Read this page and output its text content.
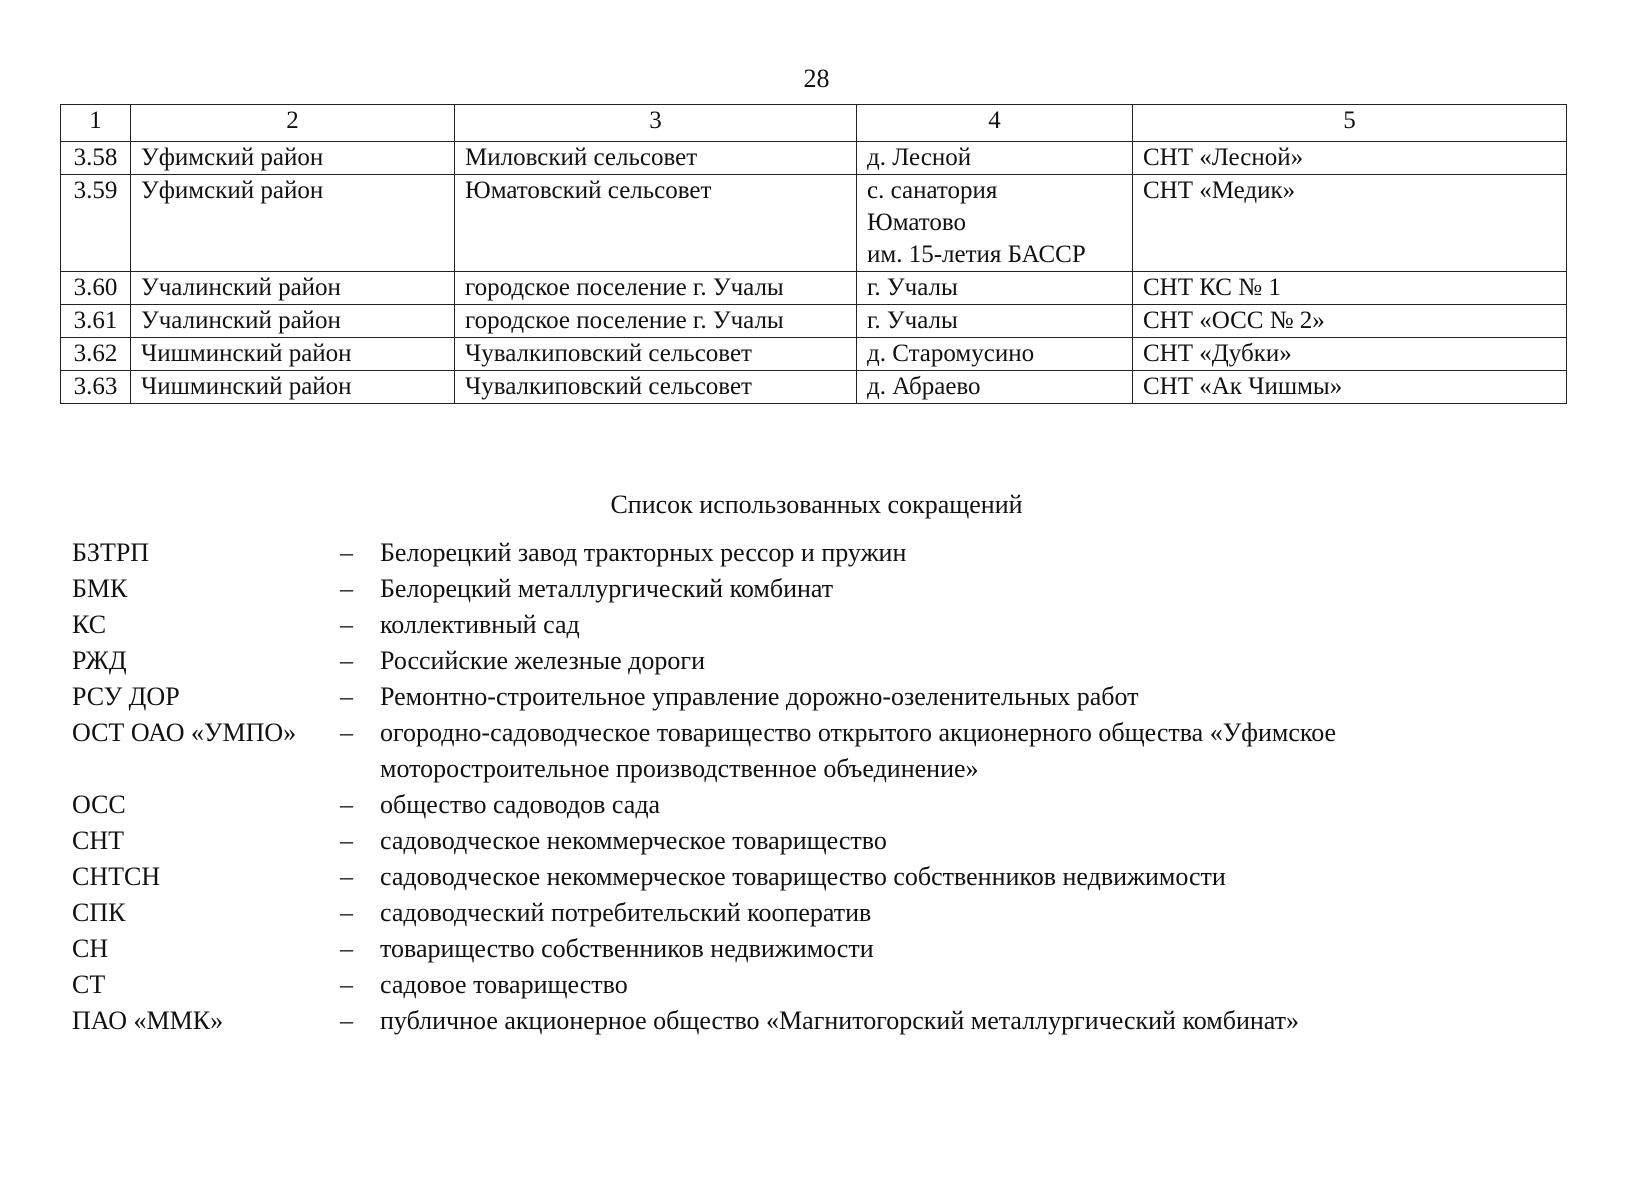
28
1	2	3	4	5
3.58	Уфимский район	Миловский сельсовет	д. Лесной	СНТ «Лесной»
3.59	Уфимский район	Юматовский сельсовет	с. санатория
Юматово
им. 15-летия БАССР	СНТ «Медик»
3.60	Учалинский район	городское поселение г. Учалы	г. Учалы	СНТ КС № 1
3.61	Учалинский район	городское поселение г. Учалы	г. Учалы	СНТ «ОСС № 2»
3.62	Чишминский район	Чувалкиповский сельсовет	д. Старомусино	СНТ «Дубки»
3.63	Чишминский район	Чувалкиповский сельсовет	д. Абраево	СНТ «Ак Чишмы»
Список использованных сокращений
БЗТРП	–	Белорецкий завод тракторных рессор и пружин
БМК	–	Белорецкий металлургический комбинат
КС	–	коллективный сад
РЖД	–	Российские железные дороги
РСУ ДОР	–	Ремонтно-строительное управление дорожно-озеленительных работ
ОСТ ОАО «УМПО»	–	огородно-садоводческое товарищество открытого акционерного общества «Уфимское
моторостроительное производственное объединение»
ОСС	–	общество садоводов сада
СНТ	–	садоводческое некоммерческое товарищество
СНТСН	–	садоводческое некоммерческое товарищество собственников недвижимости
СПК	–	садоводческий потребительский кооператив
СН	–	товарищество собственников недвижимости
СТ	–	садовое товарищество
ПАО «ММК»	–	публичное акционерное общество «Магнитогорский металлургический комбинат»
